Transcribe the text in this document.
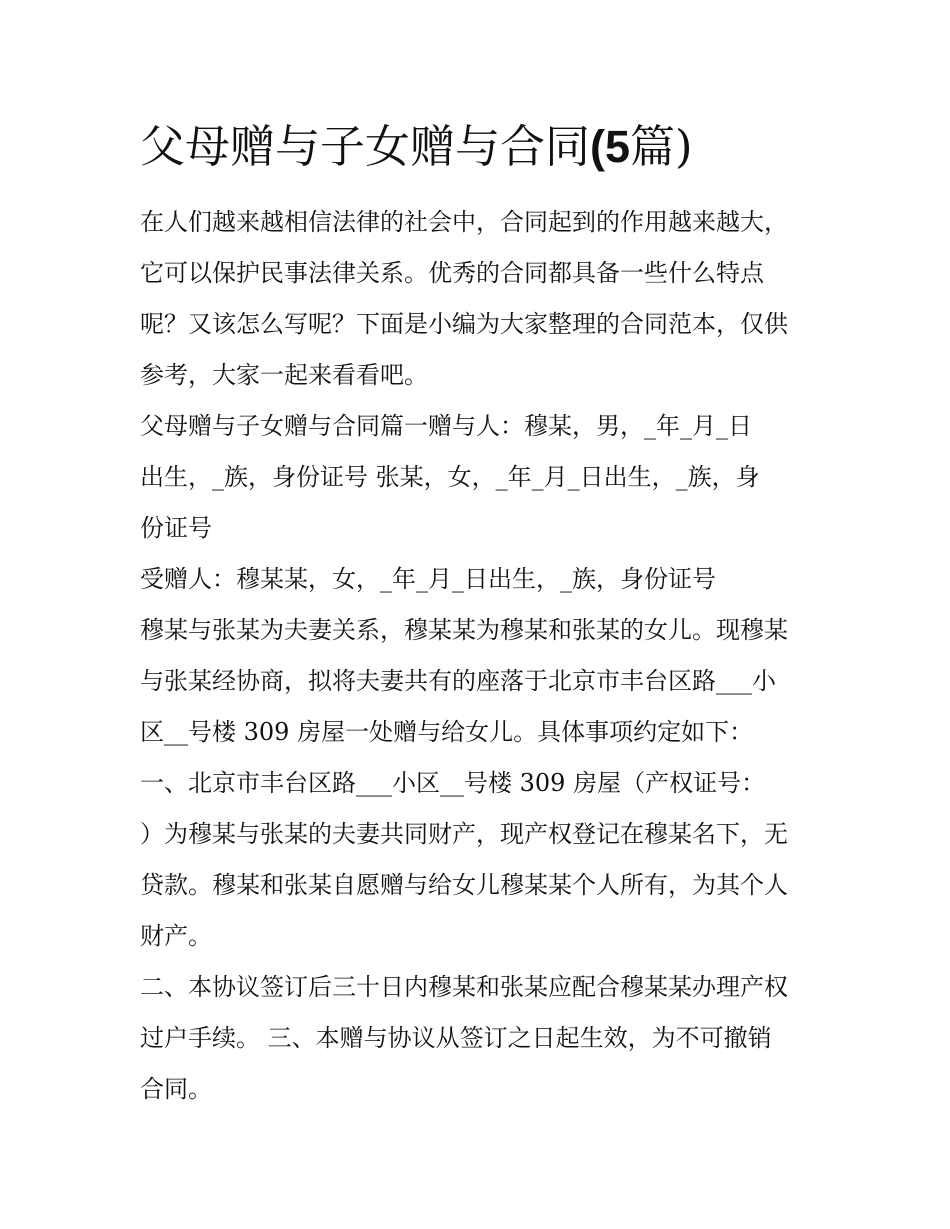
父母赠与子女赠与合同(5篇)
在人们越来越相信法律的社会中，合同起到的作用越来越大，
它可以保护民事法律关系。优秀的合同都具备一些什么特点
呢？又该怎么写呢？下面是小编为大家整理的合同范本，仅供
参考，大家一起来看看吧。
父母赠与子女赠与合同篇一赠与人：穆某，男，_年_月_日
出生，_族，身份证号 张某，女，_年_月_日出生，_族，身
份证号
受赠人：穆某某，女，_年_月_日出生，_族，身份证号
穆某与张某为夫妻关系，穆某某为穆某和张某的女儿。现穆某
与张某经协商，拟将夫妻共有的座落于北京市丰台区路___小
区__号楼 309 房屋一处赠与给女儿。具体事项约定如下：
一、北京市丰台区路___小区__号楼 309 房屋（产权证号：
）为穆某与张某的夫妻共同财产，现产权登记在穆某名下，无
贷款。穆某和张某自愿赠与给女儿穆某某个人所有，为其个人
财产。
二、本协议签订后三十日内穆某和张某应配合穆某某办理产权
过户手续。 三、本赠与协议从签订之日起生效，为不可撤销
合同。
